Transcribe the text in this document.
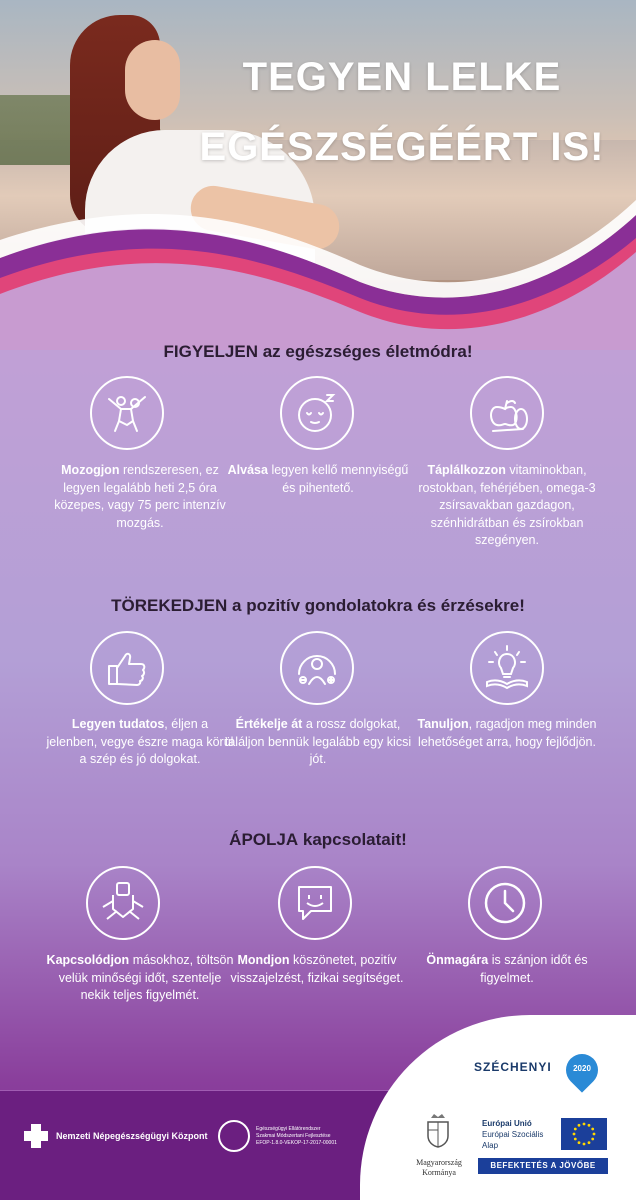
TEGYEN LELKE
EGÉSZSÉGÉÉRT IS!
FIGYELJEN az egészséges életmódra!
Mozogjon rendszeresen, ez legyen legalább heti 2,5 óra közepes, vagy 75 perc intenzív mozgás.
Alvása legyen kellő mennyiségű és pihentető.
Táplálkozzon vitaminokban, rostokban, fehérjében, omega-3 zsírsavakban gazdagon, szénhidrátban és zsírokban szegényen.
TÖREKEDJEN a pozitív gondolatokra és érzésekre!
Legyen tudatos, éljen a jelenben, vegye észre maga körül a szép és jó dolgokat.
Értékelje át a rossz dolgokat, találjon bennük legalább egy kicsi jót.
Tanuljon, ragadjon meg minden lehetőséget arra, hogy fejlődjön.
ÁPOLJA kapcsolatait!
Kapcsolódjon másokhoz, töltsön velük minőségi időt, szentelje nekik teljes figyelmét.
Mondjon köszönetet, pozitív visszajelzést, fizikai segítséget.
Önmagára is szánjon időt és figyelmet.
Nemzeti Népegészségügyi Központ
Egészségügyi Ellátórendszer
Szakmai Módszertani Fejlesztése
EFOP-1.8.0-VEKOP-17-2017-00001
SZÉCHENYI	2020
Magyarország
Kormánya
Európai Unió
Európai Szociális
Alap
BEFEKTETÉS A JÖVŐBE
